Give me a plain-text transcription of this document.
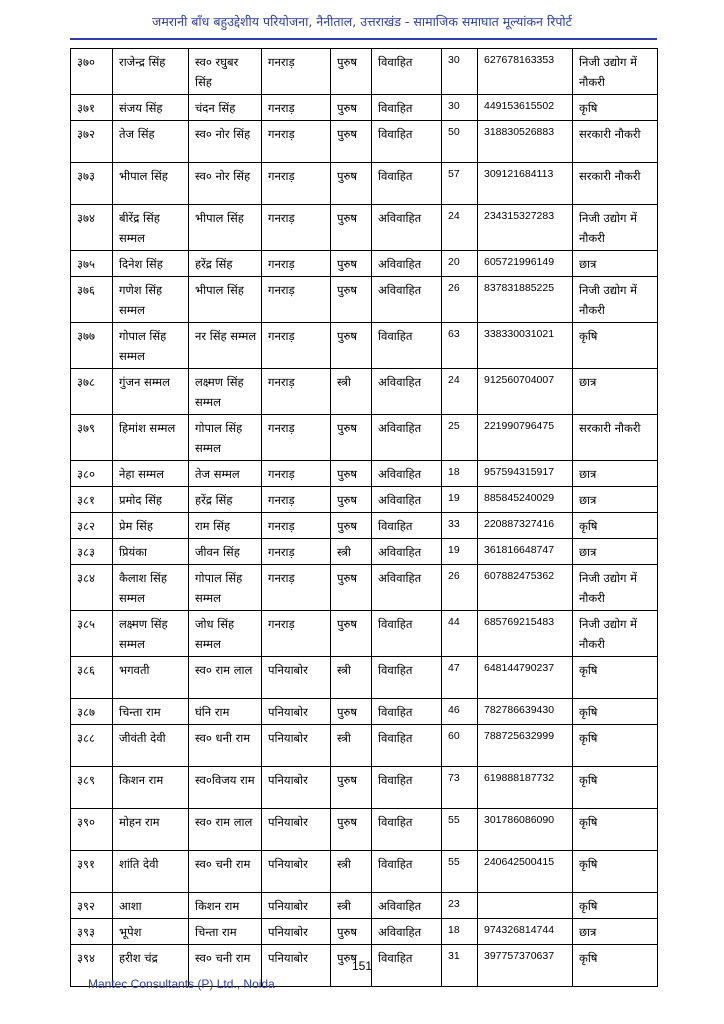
जमरानी बाँध बहुउद्देशीय परियोजना, नैनीताल, उत्तराखंड - सामाजिक समाघात मूल्यांकन रिपोर्ट
३७०	राजेन्द्र सिंह	स्व० रघुबर सिंह	गनराड़	पुरुष	विवाहित	30	627678163353	निजी उद्योग में नौकरी
३७१	संजय सिंह	चंदन सिंह	गनराड़	पुरुष	विवाहित	30	449153615502	कृषि
३७२	तेज सिंह	स्व० नोर सिंह	गनराड़	पुरुष	विवाहित	50	318830526883	सरकारी नौकरी
३७३	भीपाल सिंह	स्व० नोर सिंह	गनराड़	पुरुष	विवाहित	57	309121684113	सरकारी नौकरी
३७४	बीरेंद्र सिंह सम्मल	भीपाल सिंह	गनराड़	पुरुष	अविवाहित	24	234315327283	निजी उद्योग में नौकरी
३७५	दिनेश सिंह	हरेंद्र सिंह	गनराड़	पुरुष	अविवाहित	20	605721996149	छात्र
३७६	गणेश सिंह सम्मल	भीपाल सिंह	गनराड़	पुरुष	अविवाहित	26	837831885225	निजी उद्योग में नौकरी
३७७	गोपाल सिंह सम्मल	नर सिंह सम्मल	गनराड़	पुरुष	विवाहित	63	338330031021	कृषि
३७८	गुंजन सम्मल	लक्ष्मण सिंह सम्मल	गनराड़	स्त्री	अविवाहित	24	912560704007	छात्र
३७९	हिमांश सम्मल	गोपाल सिंह सम्मल	गनराड़	पुरुष	अविवाहित	25	221990796475	सरकारी नौकरी
३८०	नेहा सम्मल	तेज सम्मल	गनराड़	पुरुष	अविवाहित	18	957594315917	छात्र
३८१	प्रमोद सिंह	हरेंद्र सिंह	गनराड़	पुरुष	अविवाहित	19	885845240029	छात्र
३८२	प्रेम सिंह	राम सिंह	गनराड़	पुरुष	विवाहित	33	220887327416	कृषि
३८३	प्रियंका	जीवन सिंह	गनराड़	स्त्री	अविवाहित	19	361816648747	छात्र
३८४	कैलाश सिंह सम्मल	गोपाल सिंह सम्मल	गनराड़	पुरुष	अविवाहित	26	607882475362	निजी उद्योग में नौकरी
३८५	लक्ष्मण सिंह सम्मल	जोध सिंह सम्मल	गनराड़	पुरुष	विवाहित	44	685769215483	निजी उद्योग में नौकरी
३८६	भगवती	स्व० राम लाल	पनियाबोर	स्त्री	विवाहित	47	648144790237	कृषि
३८७	चिन्ता राम	घंनि राम	पनियाबोर	पुरुष	विवाहित	46	782786639430	कृषि
३८८	जीवंती देवी	स्व० धनी राम	पनियाबोर	स्त्री	विवाहित	60	788725632999	कृषि
३८९	किशन राम	स्व०विजय राम	पनियाबोर	पुरुष	विवाहित	73	619888187732	कृषि
३९०	मोहन राम	स्व० राम लाल	पनियाबोर	पुरुष	विवाहित	55	301786086090	कृषि
३९१	शांति देवी	स्व० चनी राम	पनियाबोर	स्त्री	विवाहित	55	240642500415	कृषि
३९२	आशा	किशन राम	पनियाबोर	स्त्री	अविवाहित	23		कृषि
३९३	भूपेश	चिन्ता राम	पनियाबोर	पुरुष	अविवाहित	18	974326814744	छात्र
३९४	हरीश चंद्र	स्व० चनी राम	पनियाबोर	पुरुष	विवाहित	31	397757370637	कृषि
151
Mantec Consultants (P) Ltd., Noida
